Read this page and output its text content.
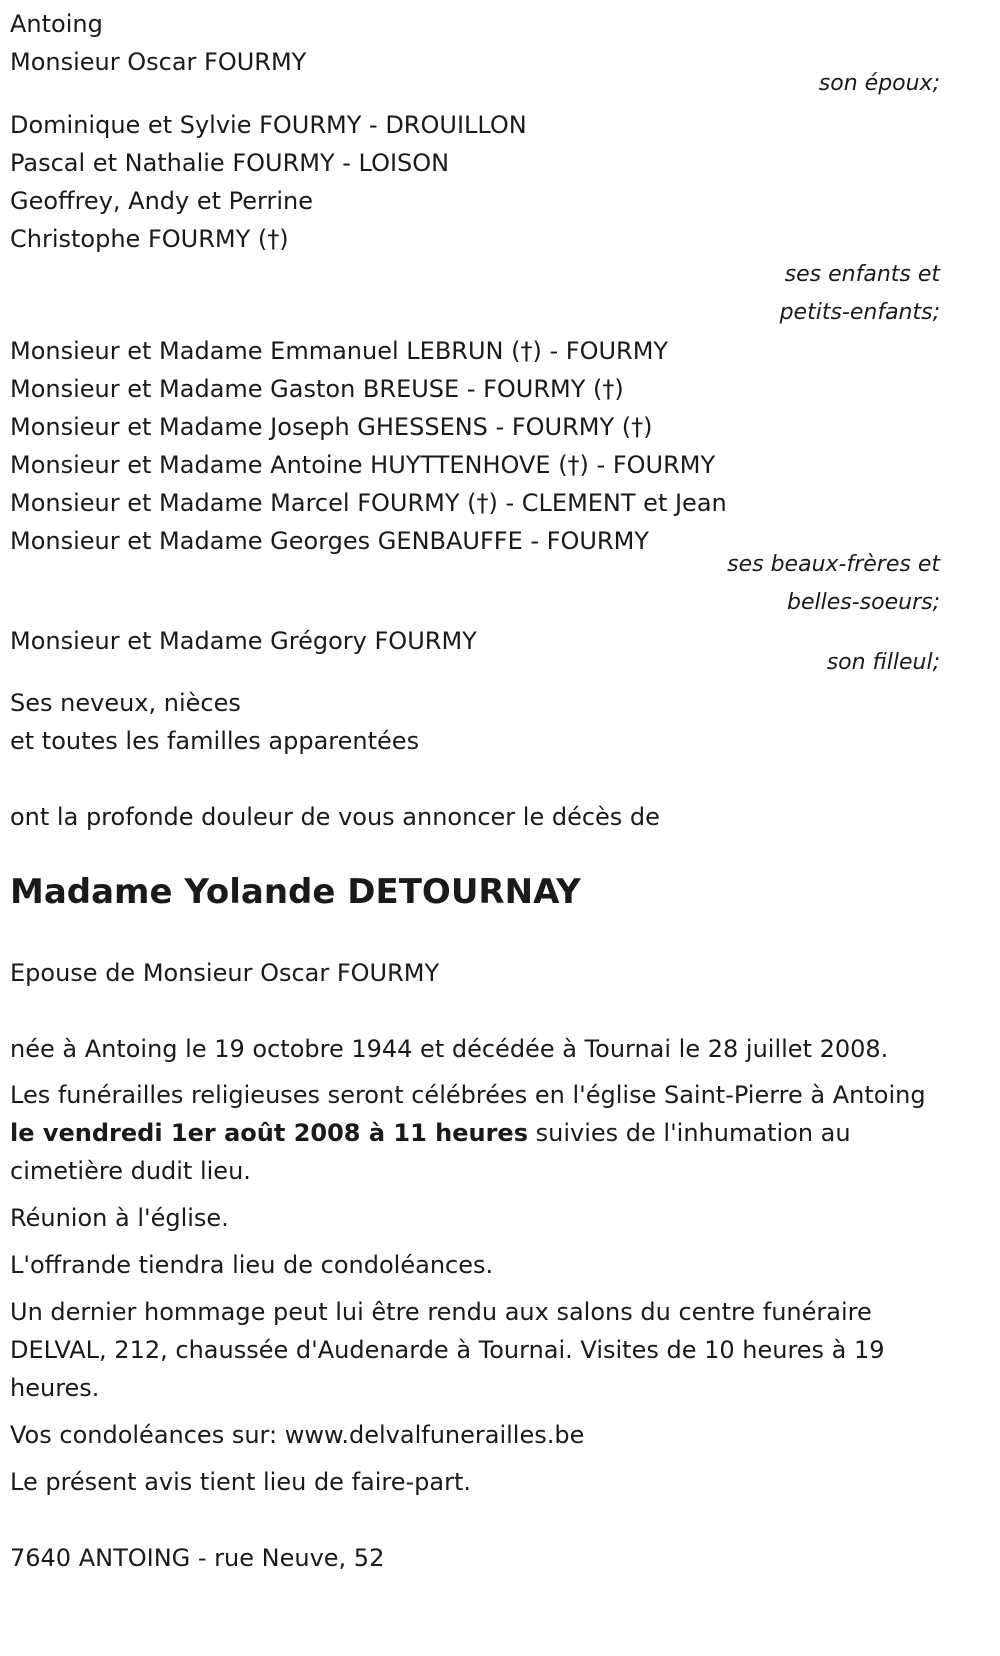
Antoing

Monsieur Oscar FOURMY

son époux;

Dominique et Sylvie FOURMY - DROUILLON

Pascal et Nathalie FOURMY - LOISON

Geoffrey, Andy et Perrine

Christophe FOURMY (†)

ses enfants et

petits-enfants;

Monsieur et Madame Emmanuel LEBRUN (†) - FOURMY

Monsieur et Madame Gaston BREUSE - FOURMY (†)

Monsieur et Madame Joseph GHESSENS - FOURMY (†)

Monsieur et Madame Antoine HUYTTENHOVE (†) - FOURMY

Monsieur et Madame Marcel FOURMY (†) - CLEMENT et Jean

Monsieur et Madame Georges GENBAUFFE - FOURMY

ses beaux-frères et

belles-soeurs;

Monsieur et Madame Grégory FOURMY

son filleul;

Ses neveux, nièces

et toutes les familles apparentées

ont la profonde douleur de vous annoncer le décès de

Madame Yolande DETOURNAY

Epouse de Monsieur Oscar FOURMY

née à Antoing le 19 octobre 1944 et décédée à Tournai le 28 juillet 2008.

Les funérailles religieuses seront célébrées en l'église Saint-Pierre à Antoing le vendredi 1er août 2008 à 11 heures suivies de l'inhumation au cimetière dudit lieu.

Réunion à l'église.

L'offrande tiendra lieu de condoléances.

Un dernier hommage peut lui être rendu aux salons du centre funéraire DELVAL, 212, chaussée d'Audenarde à Tournai. Visites de 10 heures à 19 heures.

Vos condoléances sur: www.delvalfunerailles.be

Le présent avis tient lieu de faire-part.

7640 ANTOING - rue Neuve, 52
